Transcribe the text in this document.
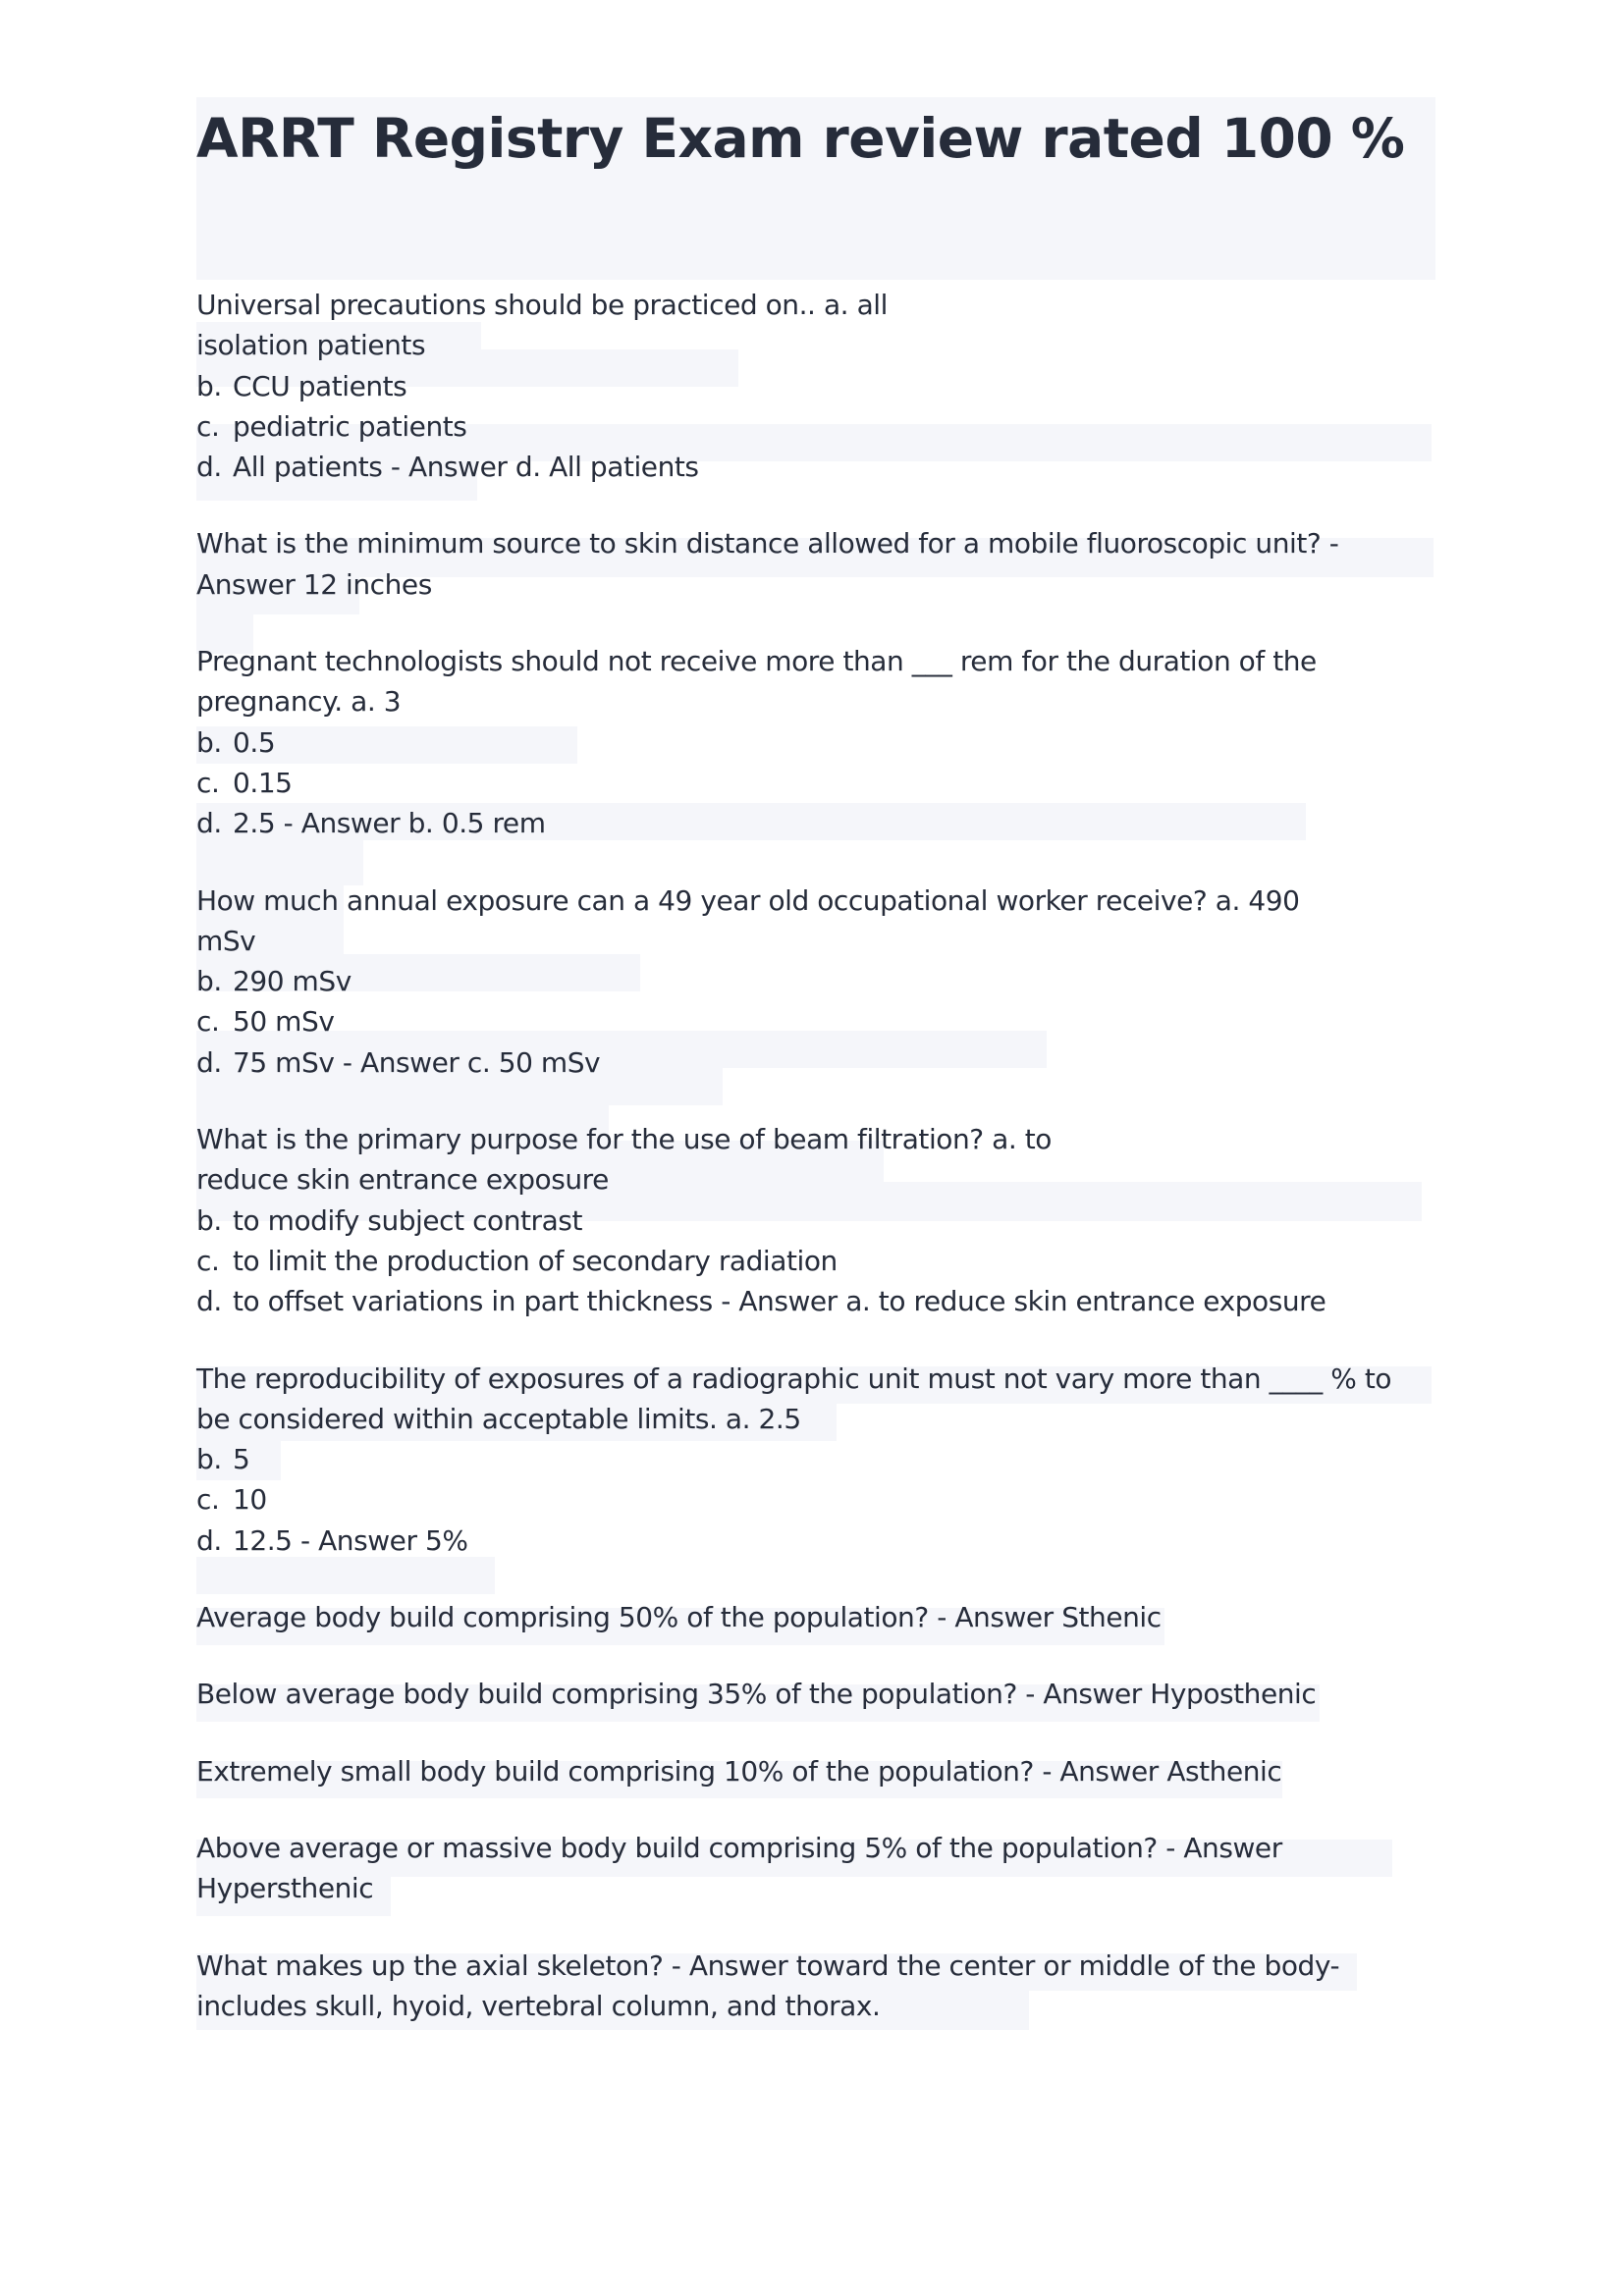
ARRT Registry Exam review rated 100 %
Universal precautions should be practiced on.. a. all
isolation patients
b. CCU patients
c. pediatric patients
d. All patients - Answer d. All patients
What is the minimum source to skin distance allowed for a mobile fluoroscopic unit? -
Answer 12 inches
Pregnant technologists should not receive more than ___ rem for the duration of the
pregnancy. a. 3
b. 0.5
c. 0.15
d. 2.5 - Answer b. 0.5 rem
How much annual exposure can a 49 year old occupational worker receive? a. 490
mSv
b. 290 mSv
c. 50 mSv
d. 75 mSv - Answer c. 50 mSv
What is the primary purpose for the use of beam filtration? a. to
reduce skin entrance exposure
b. to modify subject contrast
c. to limit the production of secondary radiation
d. to offset variations in part thickness - Answer a. to reduce skin entrance exposure
The reproducibility of exposures of a radiographic unit must not vary more than ____ % to
be considered within acceptable limits. a. 2.5
b. 5
c. 10
d. 12.5 - Answer 5%
Average body build comprising 50% of the population? - Answer Sthenic
Below average body build comprising 35% of the population? - Answer Hyposthenic
Extremely small body build comprising 10% of the population? - Answer Asthenic
Above average or massive body build comprising 5% of the population? - Answer
Hypersthenic
What makes up the axial skeleton? - Answer toward the center or middle of the body-
includes skull, hyoid, vertebral column, and thorax.
